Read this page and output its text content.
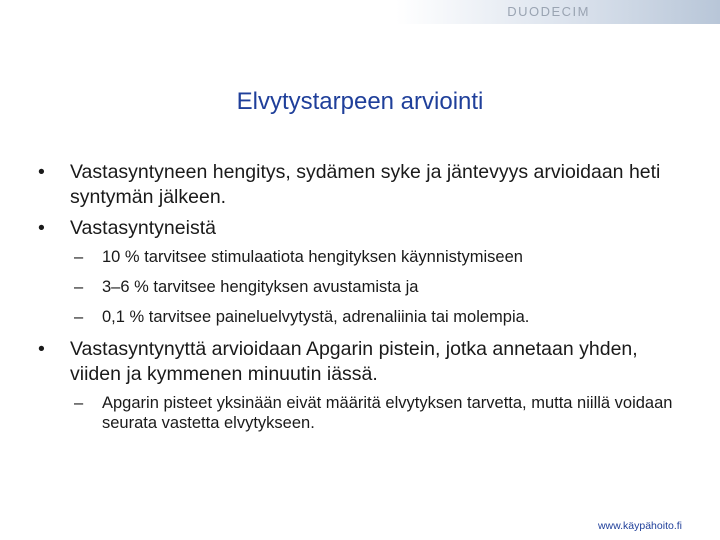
DUODECIM
Elvytystarpeen arviointi
• Vastasyntyneen hengitys, sydämen syke ja jäntevyys arvioidaan heti syntymän jälkeen.
• Vastasyntyneistä
– 10 % tarvitsee stimulaatiota hengityksen käynnistymiseen
– 3–6 % tarvitsee hengityksen avustamista ja
– 0,1 % tarvitsee paineluelvytystä, adrenaliinia tai molempia.
• Vastasyntynyttä arvioidaan Apgarin pistein, jotka annetaan yhden, viiden ja kymmenen minuutin iässä.
– Apgarin pisteet yksinään eivät määritä elvytyksen tarvetta, mutta niillä voidaan seurata vastetta elvytykseen.
www.käypähoito.fi
